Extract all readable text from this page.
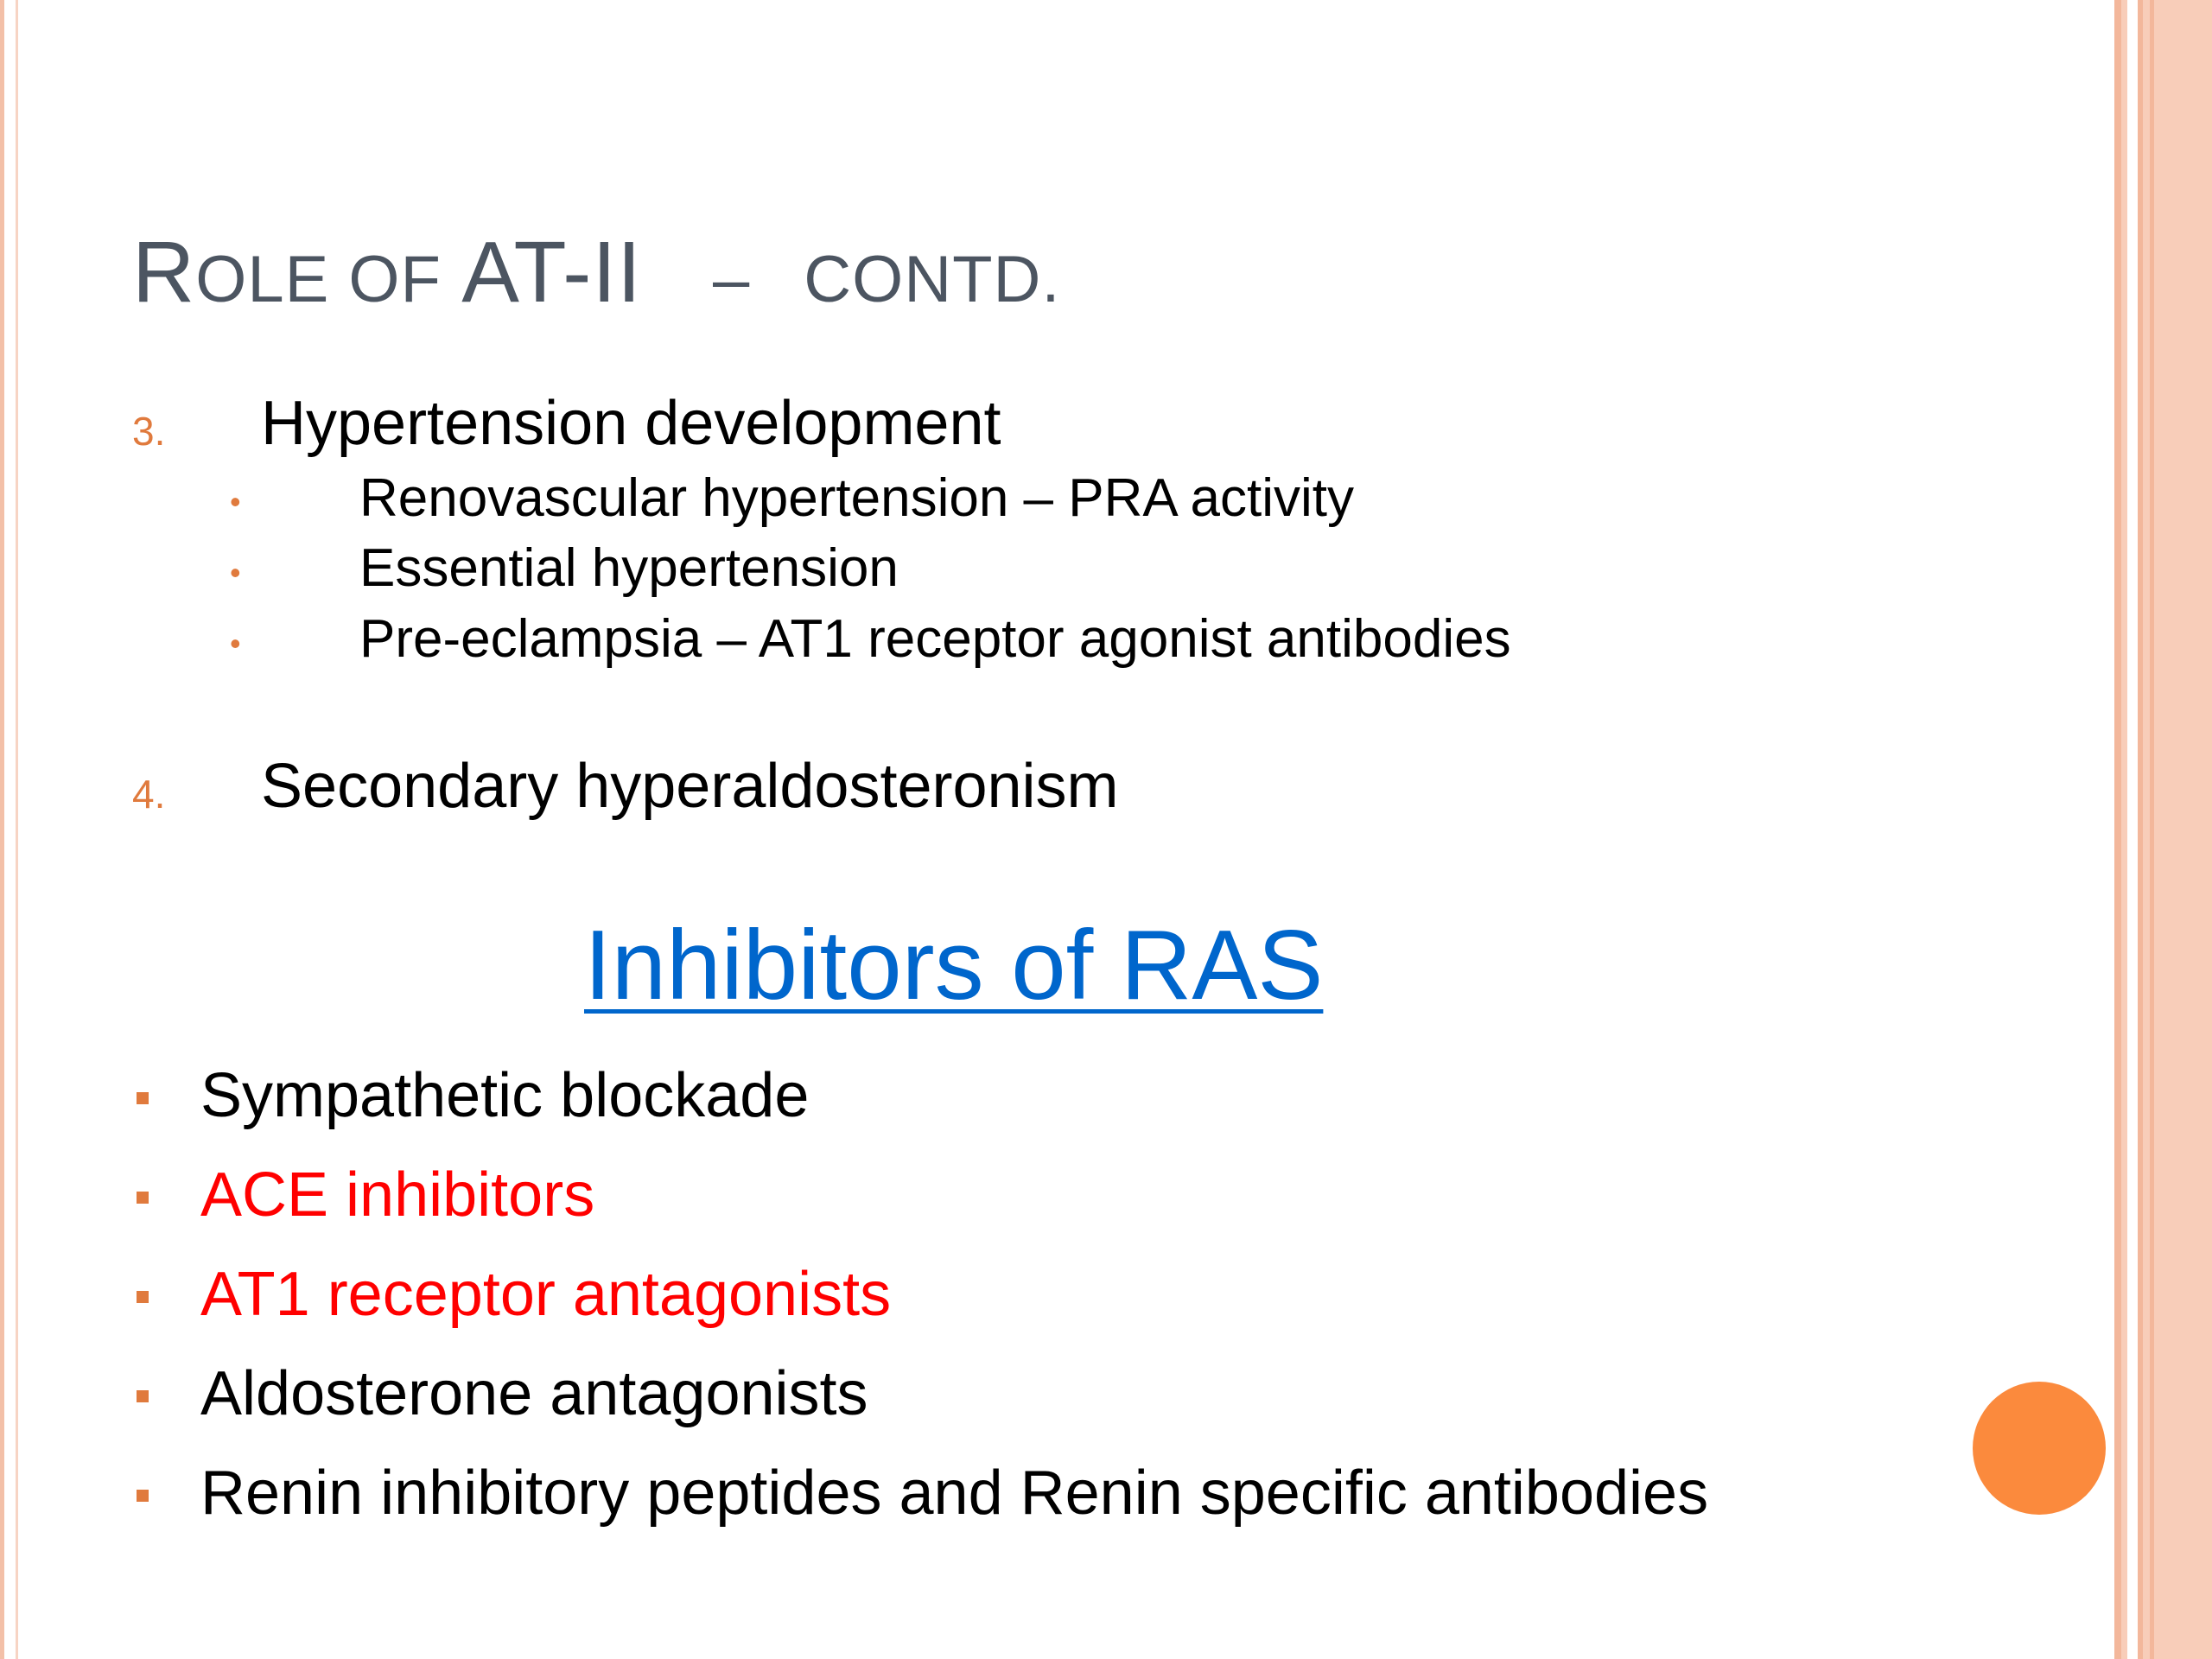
ROLE OF AT-II – CONTD.
3. Hypertension development
• Renovascular hypertension – PRA activity
• Essential hypertension
• Pre-eclampsia – AT1 receptor agonist antibodies
4. Secondary hyperaldosteronism
Inhibitors of RAS
Sympathetic blockade
ACE inhibitors
AT1 receptor antagonists
Aldosterone antagonists
Renin inhibitory peptides and Renin specific antibodies
